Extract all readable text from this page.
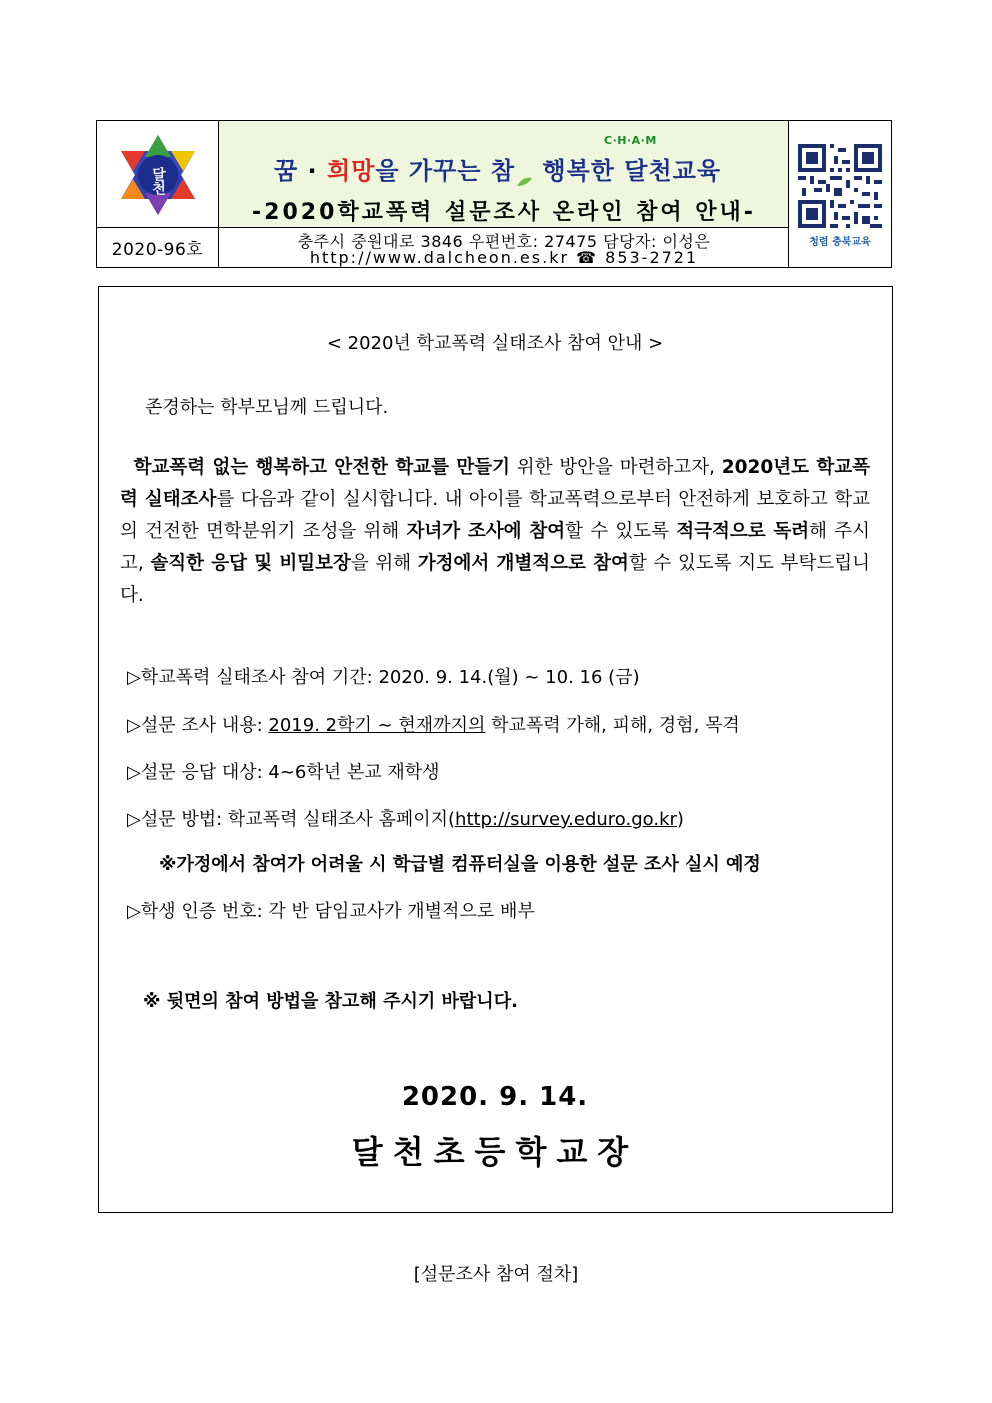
달천
2020-96호
꿈 · 희망을 가꾸는 참 행복한 달천교육
C·H·A·M
-2020학교폭력 설문조사 온라인 참여 안내-
충주시 중원대로 3846 우편번호: 27475 담당자: 이성은
http://www.dalcheon.es.kr ☎ 853-2721
청렴 충북교육
< 2020년 학교폭력 실태조사 참여 안내 >
존경하는 학부모님께 드립니다.
학교폭력 없는 행복하고 안전한 학교를 만들기 위한 방안을 마련하고자, 2020년도 학교폭력 실태조사를 다음과 같이 실시합니다. 내 아이를 학교폭력으로부터 안전하게 보호하고 학교의 건전한 면학분위기 조성을 위해 자녀가 조사에 참여할 수 있도록 적극적으로 독려해 주시고, 솔직한 응답 및 비밀보장을 위해 가정에서 개별적으로 참여할 수 있도록 지도 부탁드립니다.
▷학교폭력 실태조사 참여 기간: 2020. 9. 14.(월) ~ 10. 16 (금)
▷설문 조사 내용: 2019. 2학기 ~ 현재까지의 학교폭력 가해, 피해, 경험, 목격
▷설문 응답 대상: 4~6학년 본교 재학생
▷설문 방법: 학교폭력 실태조사 홈페이지(http://survey.eduro.go.kr)
※가정에서 참여가 어려울 시 학급별 컴퓨터실을 이용한 설문 조사 실시 예정
▷학생 인증 번호: 각 반 담임교사가 개별적으로 배부
※ 뒷면의 참여 방법을 참고해 주시기 바랍니다.
2020. 9. 14.
달천초등학교장
[설문조사 참여 절차]
